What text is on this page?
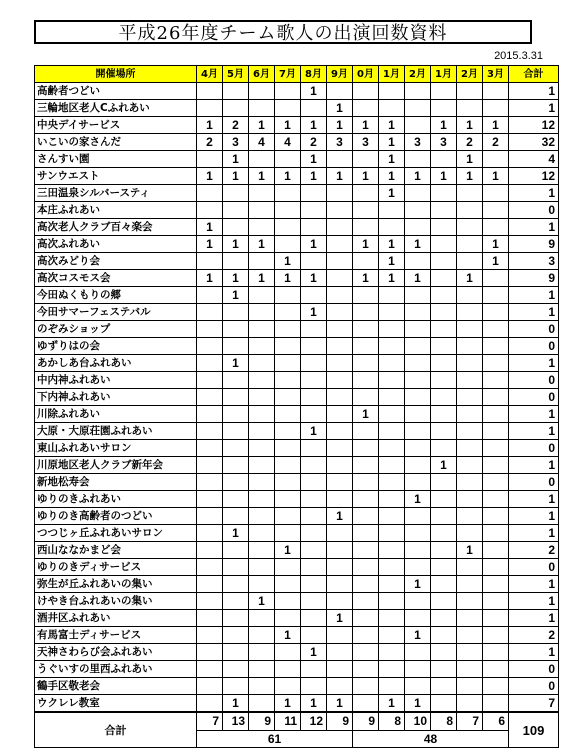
平成26年度チーム歌人の出演回数資料
2015.3.31
開催場所	4月	5月	6月	7月	8月	9月	0月	1月	2月	1月	2月	3月	合計
高齢者つどい					1								1
三輪地区老人Cふれあい						1							1
中央デイサービス	1	2	1	1	1	1	1	1		1	1	1	12
いこいの家さんだ	2	3	4	4	2	3	3	1	3	3	2	2	32
さんすい園		1			1			1			1		4
サンウエスト	1	1	1	1	1	1	1	1	1	1	1	1	12
三田温泉シルバースティ								1					1
本庄ふれあい													0
高次老人クラブ百々楽会	1												1
高次ふれあい	1	1	1		1		1	1	1			1	9
高次みどり会				1				1				1	3
高次コスモス会	1	1	1	1	1		1	1	1		1		9
今田ぬくもりの郷		1											1
今田サマーフェステバル					1								1
のぞみショップ													0
ゆずりはの会													0
あかしあ台ふれあい		1											1
中内神ふれあい													0
下内神ふれあい													0
川除ふれあい							1						1
大原・大原荘園ふれあい					1								1
東山ふれあいサロン													0
川原地区老人クラブ新年会										1			1
新地松寿会													0
ゆりのきふれあい									1				1
ゆりのき高齢者のつどい						1							1
つつじヶ丘ふれあいサロン		1											1
西山ななかまど会				1							1		2
ゆりのきディサービス													0
弥生が丘ふれあいの集い									1				1
けやき台ふれあいの集い			1										1
酒井区ふれあい						1							1
有馬富士ディサービス				1					1				2
天神さわらび会ふれあい					1								1
うぐいすの里西ふれあい													0
鶴手区敬老会													0
ウクレレ教室		1		1	1	1		1	1				7
合計	7	13	9	11	12	9	9	8	10	8	7	6	109
	61						48						
